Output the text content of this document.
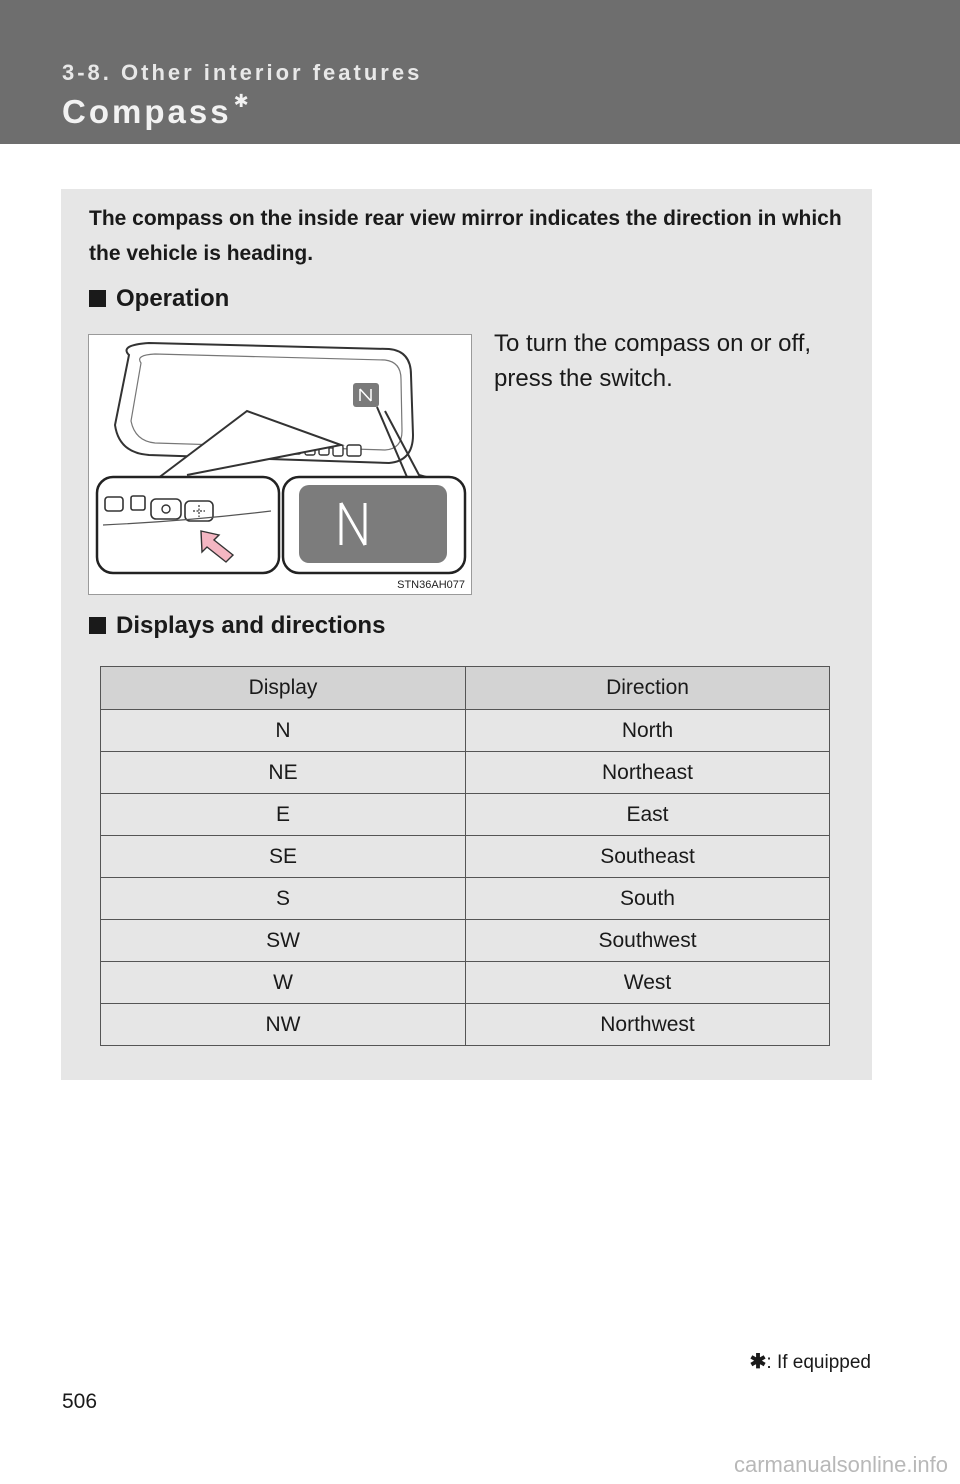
3-8. Other interior features
Compass ✱
The compass on the inside rear view mirror indicates the direction in which the vehicle is heading.
Operation
To turn the compass on or off, press the switch.
STN36AH077
Displays and directions
Display	Direction
N	North
NE	Northeast
E	East
SE	Southeast
S	South
SW	Southwest
W	West
NW	Northwest
✱: If equipped
506
carmanualsonline.info
